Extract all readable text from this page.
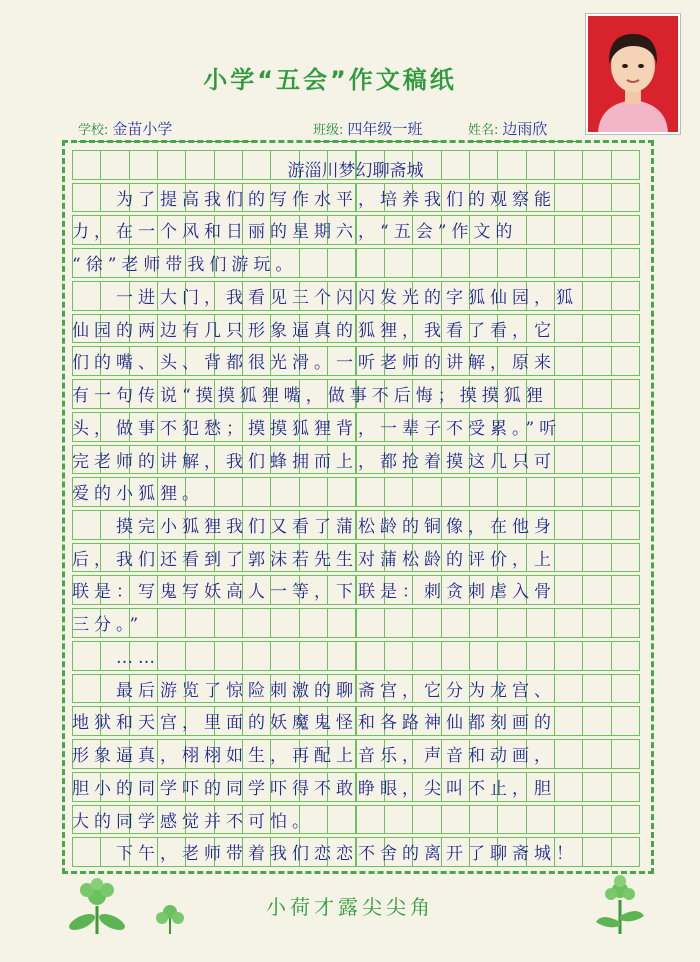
小学“五会”作文稿纸
学校: 金苗小学	班级: 四年级一班	姓名: 边雨欣
游淄川梦幻聊斋城
　　为了提高我们的写作水平，培养我们的观察能
力，在一个风和日丽的星期六，“五会”作文的
“徐”老师带我们游玩。
　　一进大门，我看见三个闪闪发光的字狐仙园，狐
仙园的两边有几只形象逼真的狐狸，我看了看，它
们的嘴、头、背都很光滑。一听老师的讲解，原来
有一句传说“摸摸狐狸嘴，做事不后悔；摸摸狐狸
头，做事不犯愁；摸摸狐狸背，一辈子不受累。”听
完老师的讲解，我们蜂拥而上，都抢着摸这几只可
爱的小狐狸。
　　摸完小狐狸我们又看了蒲松龄的铜像，在他身
后，我们还看到了郭沫若先生对蒲松龄的评价，上
联是：写鬼写妖高人一等，下联是：刺贪刺虐入骨
三分。”
　　……
　　最后游览了惊险刺激的聊斋宫，它分为龙宫、
地狱和天宫，里面的妖魔鬼怪和各路神仙都刻画的
形象逼真，栩栩如生，再配上音乐，声音和动画，
胆小的同学吓的同学吓得不敢睁眼，尖叫不止，胆
大的同学感觉并不可怕。
　　下午，老师带着我们恋恋不舍的离开了聊斋城！
小荷才露尖尖角
